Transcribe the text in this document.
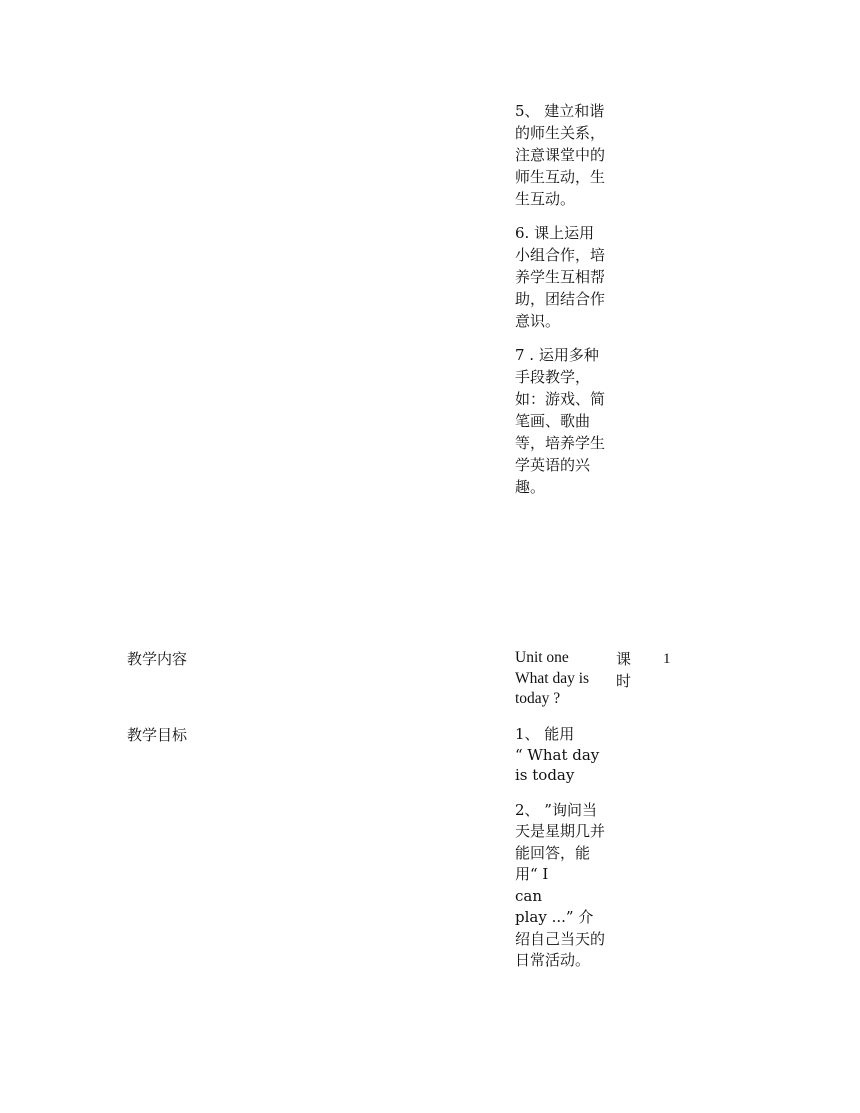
5、 建立和谐的师生关系，注意课堂中的师生互动，生生互动。

6. 课上运用小组合作，培养学生互相帮助，团结合作意识。

7 . 运用多种手段教学，如：游戏、简笔画、歌曲等，培养学生学英语的兴趣。

教学内容	Unit one
What day is
today ?
课
时
1
教学目标	1、 能用
“ What day
is today

2、 ”询问当天是星期几并能回答，能用“ I
can
play ...” 介绍自己当天的日常活动。
